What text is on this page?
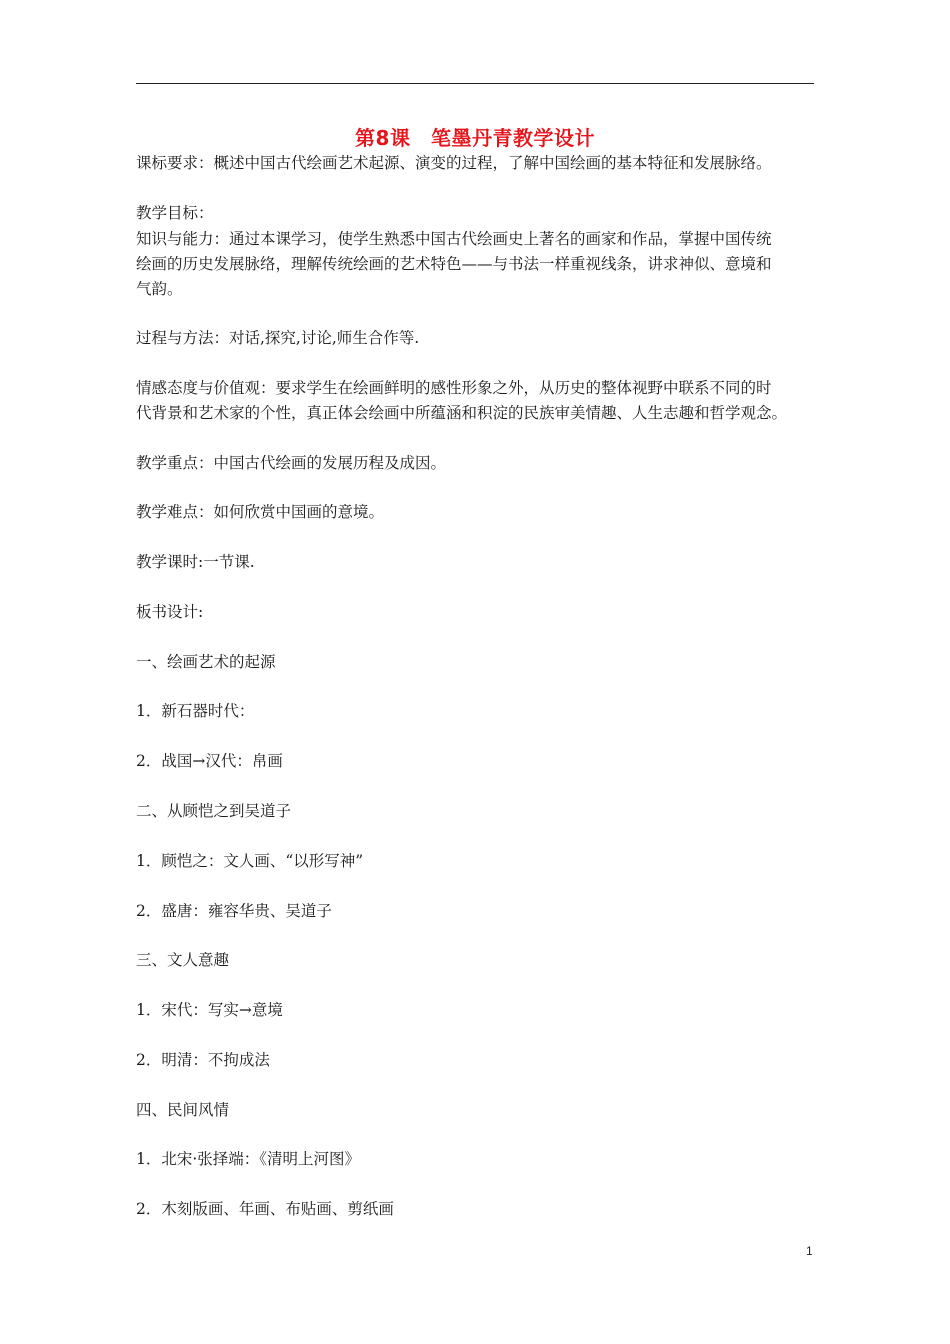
第8课　笔墨丹青教学设计
课标要求：概述中国古代绘画艺术起源、演变的过程，了解中国绘画的基本特征和发展脉络。
教学目标：
知识与能力：通过本课学习，使学生熟悉中国古代绘画史上著名的画家和作品，掌握中国传统
绘画的历史发展脉络，理解传统绘画的艺术特色——与书法一样重视线条，讲求神似、意境和
气韵。
过程与方法：对话,探究,讨论,师生合作等.
情感态度与价值观：要求学生在绘画鲜明的感性形象之外，从历史的整体视野中联系不同的时
代背景和艺术家的个性，真正体会绘画中所蕴涵和积淀的民族审美情趣、人生志趣和哲学观念。
教学重点：中国古代绘画的发展历程及成因。
教学难点：如何欣赏中国画的意境。
教学课时:一节课.
板书设计:
一、绘画艺术的起源
1．新石器时代：
2．战国→汉代：帛画
二、从顾恺之到吴道子
1．顾恺之：文人画、“以形写神”
2．盛唐：雍容华贵、吴道子
三、文人意趣
1．宋代：写实→意境
2．明清：不拘成法
四、民间风情
1．北宋·张择端：《清明上河图》
2．木刻版画、年画、布贴画、剪纸画
1
